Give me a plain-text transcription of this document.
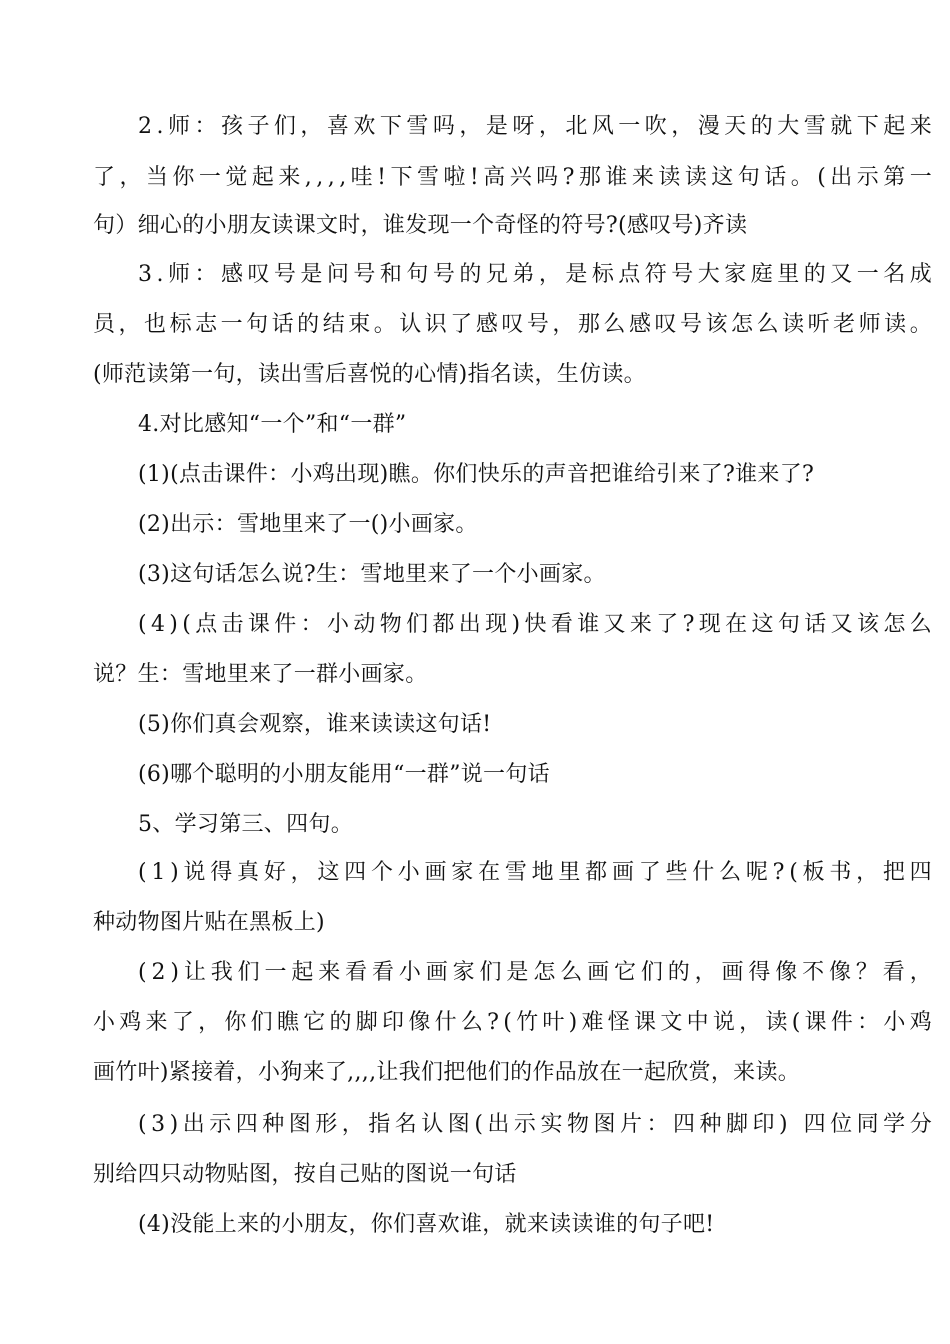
2.师：孩子们，喜欢下雪吗，是呀，北风一吹，漫天的大雪就下起来
了，当你一觉起来,,,,哇!下雪啦!高兴吗?那谁来读读这句话。(出示第一
句）细心的小朋友读课文时，谁发现一个奇怪的符号?(感叹号)齐读
3.师：感叹号是问号和句号的兄弟，是标点符号大家庭里的又一名成
员，也标志一句话的结束。认识了感叹号，那么感叹号该怎么读听老师读。
(师范读第一句，读出雪后喜悦的心情)指名读，生仿读。
4.对比感知“一个”和“一群”
(1)(点击课件：小鸡出现)瞧。你们快乐的声音把谁给引来了?谁来了?
(2)出示：雪地里来了一()小画家。
(3)这句话怎么说?生：雪地里来了一个小画家。
(4)(点击课件：小动物们都出现)快看谁又来了?现在这句话又该怎么
说？生：雪地里来了一群小画家。
(5)你们真会观察，谁来读读这句话!
(6)哪个聪明的小朋友能用“一群”说一句话
5、学习第三、四句。
(1)说得真好，这四个小画家在雪地里都画了些什么呢?(板书，把四
种动物图片贴在黑板上)
(2)让我们一起来看看小画家们是怎么画它们的，画得像不像？看，
小鸡来了，你们瞧它的脚印像什么?(竹叶)难怪课文中说，读(课件：小鸡
画竹叶)紧接着，小狗来了,,,,让我们把他们的作品放在一起欣赏，来读。
(3)出示四种图形，指名认图(出示实物图片：四种脚印) 四位同学分
别给四只动物贴图，按自己贴的图说一句话
(4)没能上来的小朋友，你们喜欢谁，就来读读谁的句子吧!
